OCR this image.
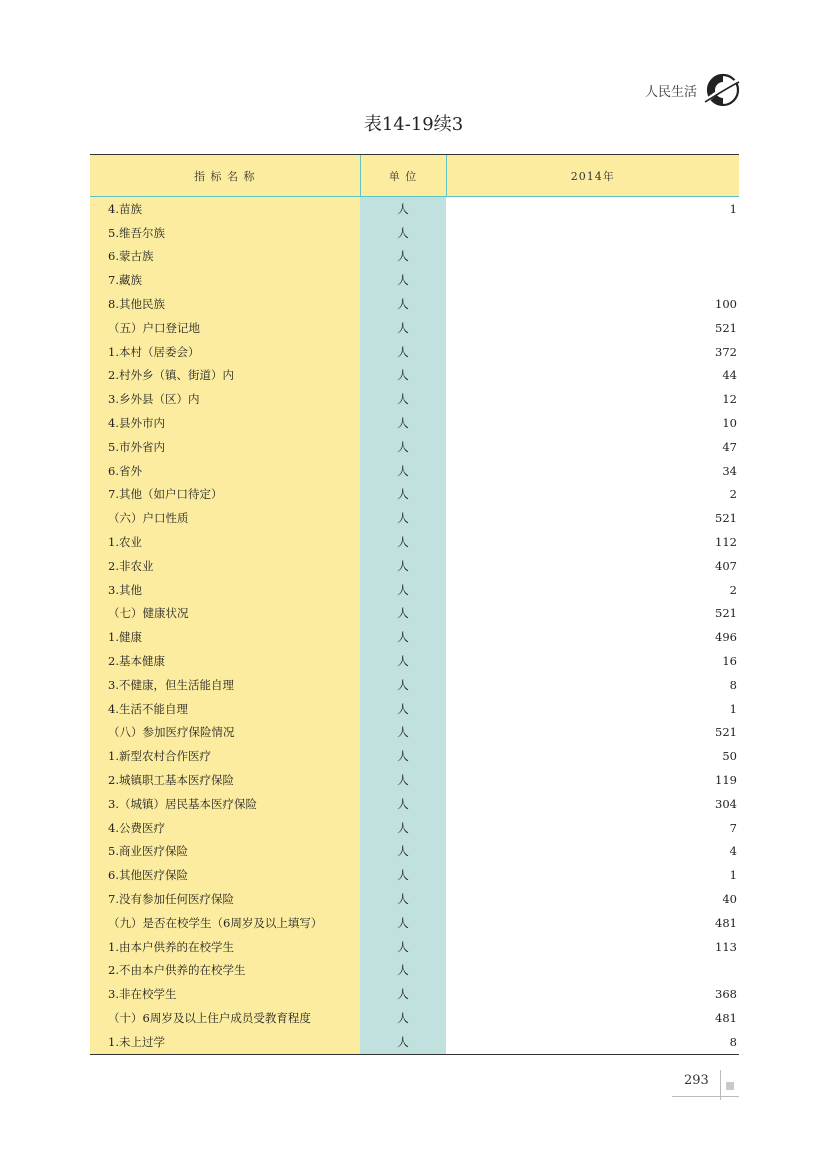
人民生活
表14-19续3
指 标 名 称	单 位	2014年
4.苗族	人	1
5.维吾尔族	人	
6.蒙古族	人	
7.藏族	人	
8.其他民族	人	100
（五）户口登记地	人	521
1.本村（居委会）	人	372
2.村外乡（镇、街道）内	人	44
3.乡外县（区）内	人	12
4.县外市内	人	10
5.市外省内	人	47
6.省外	人	34
7.其他（如户口待定）	人	2
（六）户口性质	人	521
1.农业	人	112
2.非农业	人	407
3.其他	人	2
（七）健康状况	人	521
1.健康	人	496
2.基本健康	人	16
3.不健康，但生活能自理	人	8
4.生活不能自理	人	1
（八）参加医疗保险情况	人	521
1.新型农村合作医疗	人	50
2.城镇职工基本医疗保险	人	119
3.（城镇）居民基本医疗保险	人	304
4.公费医疗	人	7
5.商业医疗保险	人	4
6.其他医疗保险	人	1
7.没有参加任何医疗保险	人	40
（九）是否在校学生（6周岁及以上填写）	人	481
1.由本户供养的在校学生	人	113
2.不由本户供养的在校学生	人	
3.非在校学生	人	368
（十）6周岁及以上住户成员受教育程度	人	481
1.未上过学	人	8
293
